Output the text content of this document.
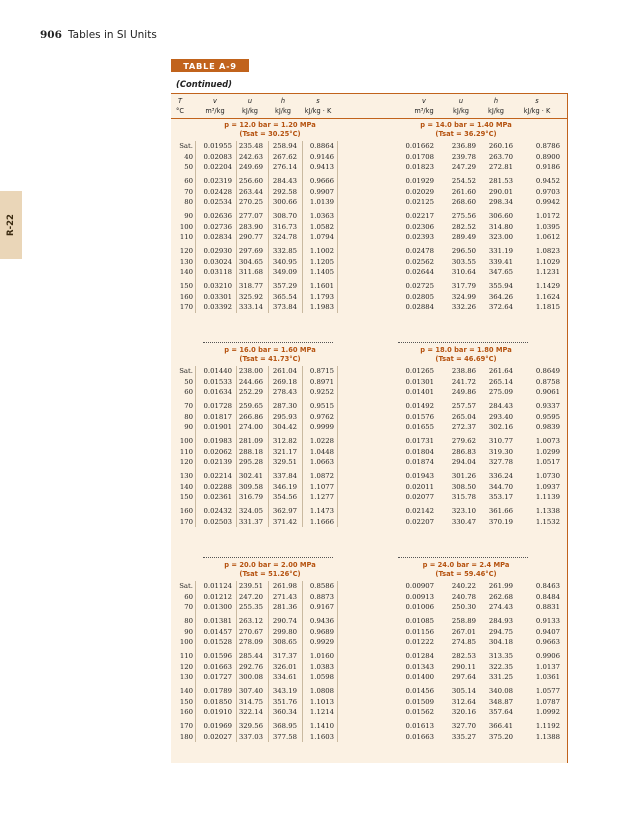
906 Tables in SI Units
R-22
TABLE A-9
(Continued)
T	v	u	h	s	v	u	h	s
°C	m³/kg	kJ/kg	kJ/kg	kJ/kg · K	m³/kg	kJ/kg	kJ/kg	kJ/kg · K
p = 12.0 bar = 1.20 MPa
(Tsat = 30.25°C)
p = 14.0 bar = 1.40 MPa
(Tsat = 36.29°C)
Sat.	0.01955 235.48	258.94	0.8864	0.01662	236.89	260.16	0.8786
40	0.02083 242.63	267.62	0.9146	0.01708	239.78	263.70	0.8900
50	0.02204 249.69	276.14	0.9413	0.01823	247.29	272.81	0.9186
60	0.02319 256.60	284.43	0.9666	0.01929	254.52	281.53	0.9452
70	0.02428 263.44	292.58	0.9907	0.02029	261.60	290.01	0.9703
80	0.02534 270.25	300.66	1.0139	0.02125	268.60	298.34	0.9942
90	0.02636 277.07	308.70	1.0363	0.02217	275.56	306.60	1.0172
100	0.02736 283.90	316.73	1.0582	0.02306	282.52	314.80	1.0395
110	0.02834 290.77	324.78	1.0794	0.02393	289.49	323.00	1.0612
120	0.02930 297.69	332.85	1.1002	0.02478	296.50	331.19	1.0823
130	0.03024 304.65	340.95	1.1205	0.02562	303.55	339.41	1.1029
140	0.03118 311.68	349.09	1.1405	0.02644	310.64	347.65	1.1231
150	0.03210 318.77	357.29	1.1601	0.02725	317.79	355.94	1.1429
160	0.03301 325.92	365.54	1.1793	0.02805	324.99	364.26	1.1624
170	0.03392 333.14	373.84	1.1983	0.02884	332.26	372.64	1.1815
p = 16.0 bar = 1.60 MPa
(Tsat = 41.73°C)
p = 18.0 bar = 1.80 MPa
(Tsat = 46.69°C)
Sat.	0.01440 238.00	261.04	0.8715	0.01265	238.86	261.64	0.8649
50	0.01533 244.66	269.18	0.8971	0.01301	241.72	265.14	0.8758
60	0.01634 252.29	278.43	0.9252	0.01401	249.86	275.09	0.9061
70	0.01728 259.65	287.30	0.9515	0.01492	257.57	284.43	0.9337
80	0.01817 266.86	295.93	0.9762	0.01576	265.04	293.40	0.9595
90	0.01901 274.00	304.42	0.9999	0.01655	272.37	302.16	0.9839
100	0.01983 281.09	312.82	1.0228	0.01731	279.62	310.77	1.0073
110	0.02062 288.18	321.17	1.0448	0.01804	286.83	319.30	1.0299
120	0.02139 295.28	329.51	1.0663	0.01874	294.04	327.78	1.0517
130	0.02214 302.41	337.84	1.0872	0.01943	301.26	336.24	1.0730
140	0.02288 309.58	346.19	1.1077	0.02011	308.50	344.70	1.0937
150	0.02361 316.79	354.56	1.1277	0.02077	315.78	353.17	1.1139
160	0.02432 324.05	362.97	1.1473	0.02142	323.10	361.66	1.1338
170	0.02503 331.37	371.42	1.1666	0.02207	330.47	370.19	1.1532
p = 20.0 bar = 2.00 MPa
(Tsat = 51.26°C)
p = 24.0 bar = 2.4 MPa
(Tsat = 59.46°C)
Sat.	0.01124 239.51	261.98	0.8586	0.00907	240.22	261.99	0.8463
60	0.01212 247.20	271.43	0.8873	0.00913	240.78	262.68	0.8484
70	0.01300 255.35	281.36	0.9167	0.01006	250.30	274.43	0.8831
80	0.01381 263.12	290.74	0.9436	0.01085	258.89	284.93	0.9133
90	0.01457 270.67	299.80	0.9689	0.01156	267.01	294.75	0.9407
100	0.01528 278.09	308.65	0.9929	0.01222	274.85	304.18	0.9663
110	0.01596 285.44	317.37	1.0160	0.01284	282.53	313.35	0.9906
120	0.01663 292.76	326.01	1.0383	0.01343	290.11	322.35	1.0137
130	0.01727 300.08	334.61	1.0598	0.01400	297.64	331.25	1.0361
140	0.01789 307.40	343.19	1.0808	0.01456	305.14	340.08	1.0577
150	0.01850 314.75	351.76	1.1013	0.01509	312.64	348.87	1.0787
160	0.01910 322.14	360.34	1.1214	0.01562	320.16	357.64	1.0992
170	0.01969 329.56	368.95	1.1410	0.01613	327.70	366.41	1.1192
180	0.02027 337.03	377.58	1.1603	0.01663	335.27	375.20	1.1388
